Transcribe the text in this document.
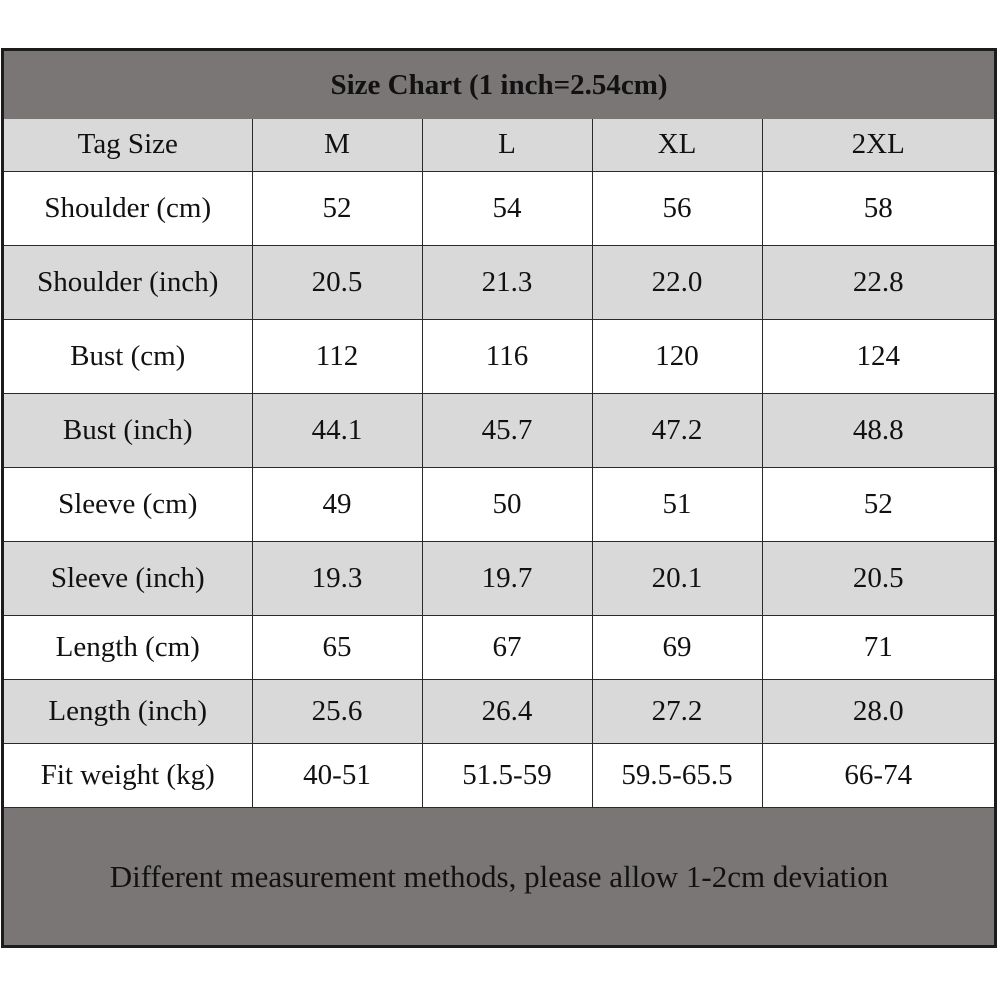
Size Chart (1 inch=2.54cm)
Tag Size	M	L	XL	2XL
Shoulder (cm)	52	54	56	58
Shoulder (inch)	20.5	21.3	22.0	22.8
Bust (cm)	112	116	120	124
Bust (inch)	44.1	45.7	47.2	48.8
Sleeve (cm)	49	50	51	52
Sleeve (inch)	19.3	19.7	20.1	20.5
Length (cm)	65	67	69	71
Length (inch)	25.6	26.4	27.2	28.0
Fit weight (kg)	40-51	51.5-59	59.5-65.5	66-74
Different measurement methods, please allow 1-2cm deviation
